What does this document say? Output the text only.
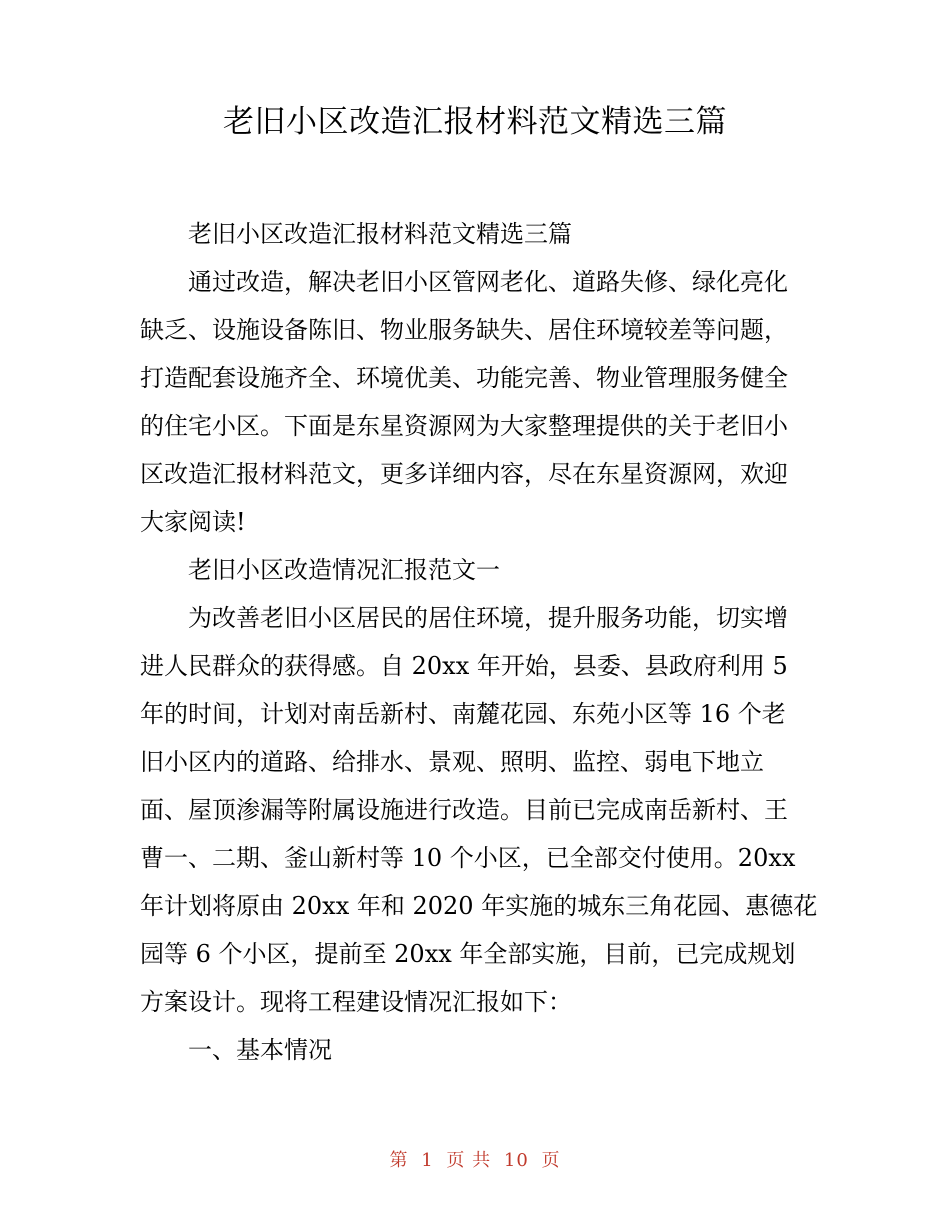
老旧小区改造汇报材料范文精选三篇

老旧小区改造汇报材料范文精选三篇

通过改造，解决老旧小区管网老化、道路失修、绿化亮化

缺乏、设施设备陈旧、物业服务缺失、居住环境较差等问题，

打造配套设施齐全、环境优美、功能完善、物业管理服务健全

的住宅小区。下面是东星资源网为大家整理提供的关于老旧小

区改造汇报材料范文，更多详细内容，尽在东星资源网，欢迎

大家阅读!

老旧小区改造情况汇报范文一

为改善老旧小区居民的居住环境，提升服务功能，切实增

进人民群众的获得感。自 20xx 年开始，县委、县政府利用 5

年的时间，计划对南岳新村、南麓花园、东苑小区等 16 个老

旧小区内的道路、给排水、景观、照明、监控、弱电下地立

面、屋顶渗漏等附属设施进行改造。目前已完成南岳新村、王

曹一、二期、釜山新村等 10 个小区，已全部交付使用。20xx

年计划将原由 20xx 年和 2020 年实施的城东三角花园、惠德花

园等 6 个小区，提前至 20xx 年全部实施，目前，已完成规划

方案设计。现将工程建设情况汇报如下：

一、基本情况

第 1 页 共 10 页
